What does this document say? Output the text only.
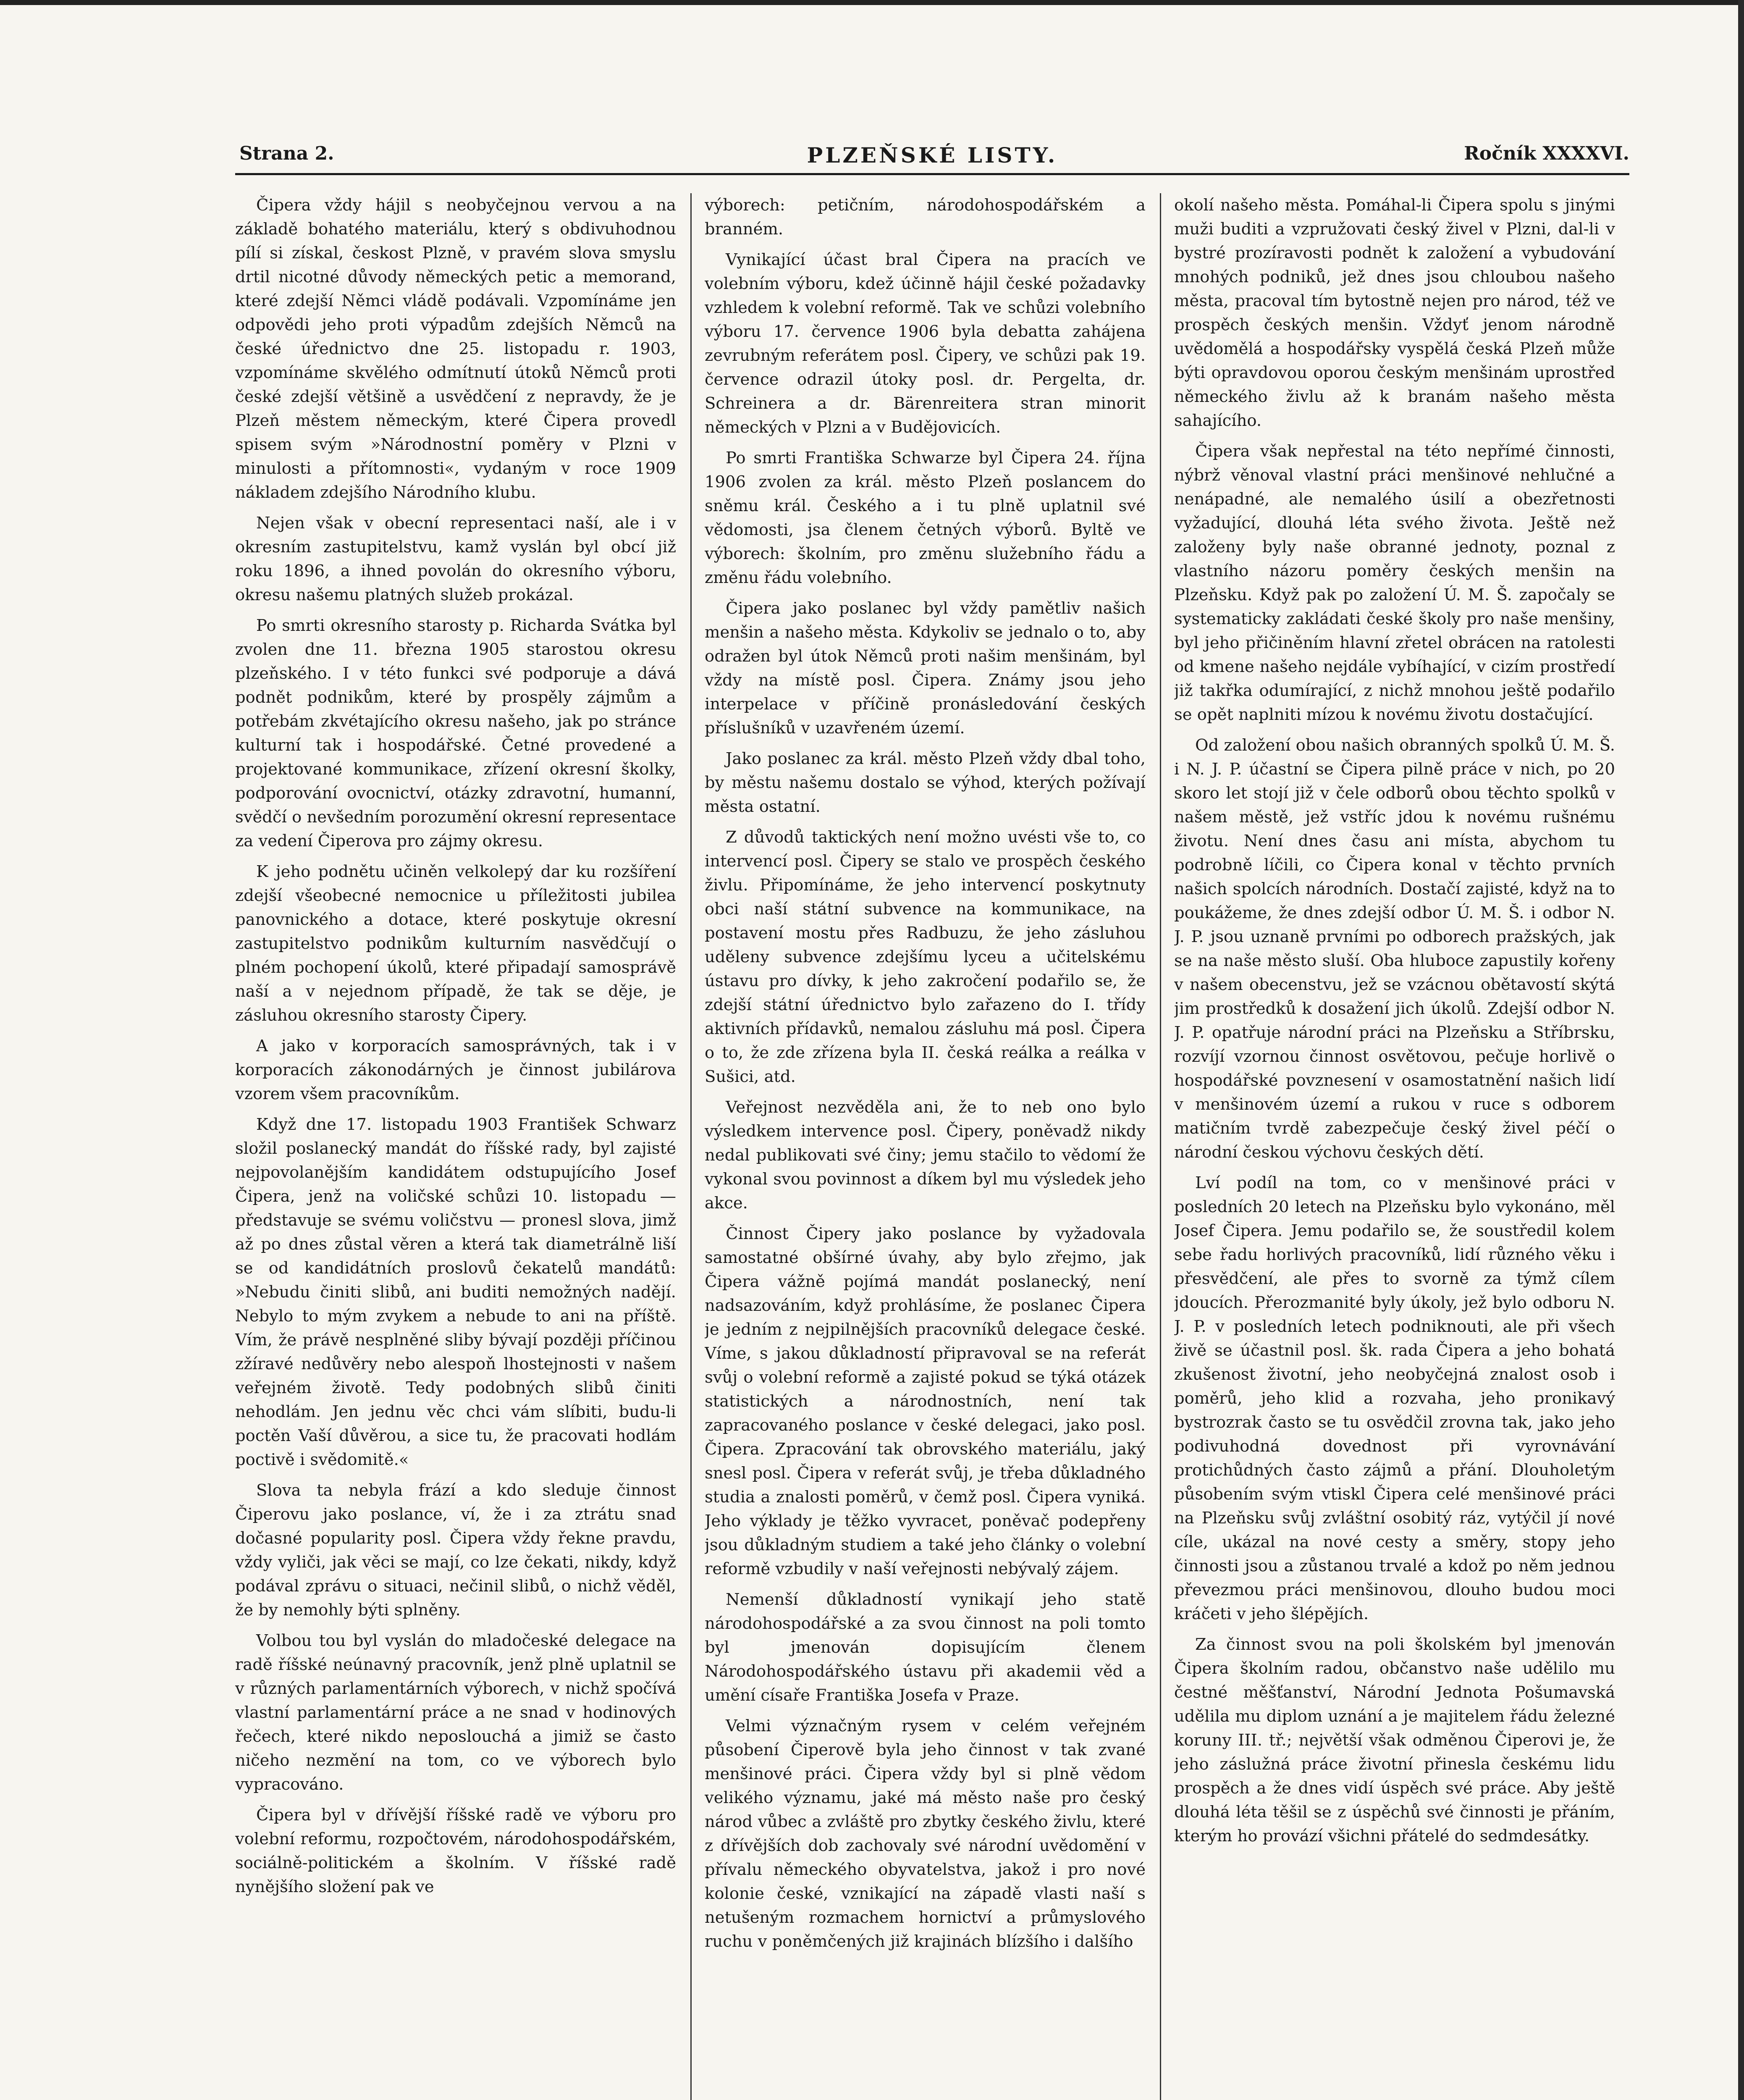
Strana 2.	PLZEŇSKÉ LISTY.	Ročník XXXXVI.

Čipera vždy hájil s neobyčejnou vervou a na základě bohatého materiálu, který s obdivuhodnou pílí si získal, českost Plzně, v pravém slova smyslu drtil nicotné důvody německých petic a memorand, které zdejší Němci vládě podávali. Vzpomínáme jen odpovědi jeho proti výpadům zdejších Němců na české úřednictvo dne 25. listopadu r. 1903, vzpomínáme skvělého odmítnutí útoků Němců proti české zdejší většině a usvědčení z nepravdy, že je Plzeň městem německým, které Čipera provedl spisem svým »Národnostní poměry v Plzni v minulosti a přítomnosti«, vydaným v roce 1909 nákladem zdejšího Národního klubu.

Nejen však v obecní representaci naší, ale i v okresním zastupitelstvu, kamž vyslán byl obcí již roku 1896, a ihned povolán do okresního výboru, okresu našemu platných služeb prokázal.

Po smrti okresního starosty p. Richarda Svátka byl zvolen dne 11. března 1905 starostou okresu plzeňského. I v této funkci své podporuje a dává podnět podnikům, které by prospěly zájmům a potřebám zkvétajícího okresu našeho, jak po stránce kulturní tak i hospodářské. Četné provedené a projektované kommunikace, zřízení okresní školky, podporování ovocnictví, otázky zdravotní, humanní, svědčí o nevšedním porozumění okresní representace za vedení Čiperova pro zájmy okresu.

K jeho podnětu učiněn velkolepý dar ku rozšíření zdejší všeobecné nemocnice u příležitosti jubilea panovnického a dotace, které poskytuje okresní zastupitelstvo podnikům kulturním nasvědčují o plném pochopení úkolů, které připadají samosprávě naší a v nejednom případě, že tak se děje, je zásluhou okresního starosty Čipery.

A jako v korporacích samosprávných, tak i v korporacích zákonodárných je činnost jubilárova vzorem všem pracovníkům.

Když dne 17. listopadu 1903 František Schwarz složil poslanecký mandát do říšské rady, byl zajisté nejpovolanějším kandidátem odstupujícího Josef Čipera, jenž na voličské schůzi 10. listopadu — představuje se svému voličstvu — pronesl slova, jimž až po dnes zůstal věren a která tak diametrálně liší se od kandidátních proslovů čekatelů mandátů: »Nebudu činiti slibů, ani buditi nemožných nadějí. Nebylo to mým zvykem a nebude to ani na příště. Vím, že právě nesplněné sliby bývají později příčinou zžíravé nedůvěry nebo alespoň lhostejnosti v našem veřejném životě. Tedy podobných slibů činiti nehodlám. Jen jednu věc chci vám slíbiti, budu-li poctěn Vaší důvěrou, a sice tu, že pracovati hodlám poctivě i svědomitě.«

Slova ta nebyla frází a kdo sleduje činnost Čiperovu jako poslance, ví, že i za ztrátu snad dočasné popularity posl. Čipera vždy řekne pravdu, vždy vyliči, jak věci se mají, co lze čekati, nikdy, když podával zprávu o situaci, nečinil slibů, o nichž věděl, že by nemohly býti splněny.

Volbou tou byl vyslán do mladočeské delegace na radě říšské neúnavný pracovník, jenž plně uplatnil se v různých parlamentárních výborech, v nichž spočívá vlastní parlamentární práce a ne snad v hodinových řečech, které nikdo neposlouchá a jimiž se často ničeho nezmění na tom, co ve výborech bylo vypracováno.

Čipera byl v dřívější říšské radě ve výboru pro volební reformu, rozpočtovém, národohospodářském, sociálně-politickém a školním. V říšské radě nynějšího složení pak ve

výborech: petičním, národohospodářském a branném.

Vynikající účast bral Čipera na pracích ve volebním výboru, kdež účinně hájil české požadavky vzhledem k volební reformě. Tak ve schůzi volebního výboru 17. července 1906 byla debatta zahájena zevrubným referátem posl. Čipery, ve schůzi pak 19. července odrazil útoky posl. dr. Pergelta, dr. Schreinera a dr. Bärenreitera stran minorit německých v Plzni a v Budějovicích.

Po smrti Františka Schwarze byl Čipera 24. října 1906 zvolen za král. město Plzeň poslancem do sněmu král. Českého a i tu plně uplatnil své vědomosti, jsa členem četných výborů. Byltě ve výborech: školním, pro změnu služebního řádu a změnu řádu volebního.

Čipera jako poslanec byl vždy pamětliv našich menšin a našeho města. Kdykoliv se jednalo o to, aby odražen byl útok Němců proti našim menšinám, byl vždy na místě posl. Čipera. Známy jsou jeho interpelace v příčině pronásledování českých příslušníků v uzavřeném území.

Jako poslanec za král. město Plzeň vždy dbal toho, by městu našemu dostalo se výhod, kterých požívají města ostatní.

Z důvodů taktických není možno uvésti vše to, co intervencí posl. Čipery se stalo ve prospěch českého živlu. Připomínáme, že jeho intervencí poskytnuty obci naší státní subvence na kommunikace, na postavení mostu přes Radbuzu, že jeho zásluhou uděleny subvence zdejšímu lyceu a učitelskému ústavu pro dívky, k jeho zakročení podařilo se, že zdejší státní úřednictvo bylo zařazeno do I. třídy aktivních přídavků, nemalou zásluhu má posl. Čipera o to, že zde zřízena byla II. česká reálka a reálka v Sušici, atd.

Veřejnost nezvěděla ani, že to neb ono bylo výsledkem intervence posl. Čipery, poněvadž nikdy nedal publikovati své činy; jemu stačilo to vědomí že vykonal svou povinnost a díkem byl mu výsledek jeho akce.

Činnost Čipery jako poslance by vyžadovala samostatné obšírné úvahy, aby bylo zřejmo, jak Čipera vážně pojímá mandát poslanecký, není nadsazováním, když prohlásíme, že poslanec Čipera je jedním z nejpilnějších pracovníků delegace české. Víme, s jakou důkladností připravoval se na referát svůj o volební reformě a zajisté pokud se týká otázek statistických a národnostních, není tak zapracovaného poslance v české delegaci, jako posl. Čipera. Zpracování tak obrovského materiálu, jaký snesl posl. Čipera v referát svůj, je třeba důkladného studia a znalosti poměrů, v čemž posl. Čipera vyniká. Jeho výklady je těžko vyvracet, poněvač podepřeny jsou důkladným studiem a také jeho články o volební reformě vzbudily v naší veřejnosti nebývalý zájem.

Nemenší důkladností vynikají jeho statě národohospodářské a za svou činnost na poli tomto byl jmenován dopisujícím členem Národohospodářského ústavu při akademii věd a umění císaře Františka Josefa v Praze.

Velmi význačným rysem v celém veřejném působení Čiperově byla jeho činnost v tak zvané menšinové práci. Čipera vždy byl si plně vědom velikého významu, jaké má město naše pro český národ vůbec a zvláště pro zbytky českého živlu, které z dřívějších dob zachovaly své národní uvědomění v přívalu německého obyvatelstva, jakož i pro nové kolonie české, vznikající na západě vlasti naší s netušeným rozmachem hornictví a průmyslového ruchu v poněmčených již krajinách blízšího i dalšího

okolí našeho města. Pomáhal-li Čipera spolu s jinými muži buditi a vzpružovati český živel v Plzni, dal-li v bystré prozíravosti podnět k založení a vybudování mnohých podniků, jež dnes jsou chloubou našeho města, pracoval tím bytostně nejen pro národ, též ve prospěch českých menšin. Vždyť jenom národně uvědomělá a hospodářsky vyspělá česká Plzeň může býti opravdovou oporou českým menšinám uprostřed německého živlu až k branám našeho města sahajícího.

Čipera však nepřestal na této nepřímé činnosti, nýbrž věnoval vlastní práci menšinové nehlučné a nenápadné, ale nemalého úsilí a obezřetnosti vyžadující, dlouhá léta svého života. Ještě než založeny byly naše obranné jednoty, poznal z vlastního názoru poměry českých menšin na Plzeňsku. Když pak po založení Ú. M. Š. započaly se systematicky zakládati české školy pro naše menšiny, byl jeho přičiněním hlavní zřetel obrácen na ratolesti od kmene našeho nejdále vybíhající, v cizím prostředí již takřka odumírající, z nichž mnohou ještě podařilo se opět naplniti mízou k novému životu dostačující.

Od založení obou našich obranných spolků Ú. M. Š. i N. J. P. účastní se Čipera pilně práce v nich, po 20 skoro let stojí již v čele odborů obou těchto spolků v našem městě, jež vstříc jdou k novému rušnému životu. Není dnes času ani místa, abychom tu podrobně líčili, co Čipera konal v těchto prvních našich spolcích národních. Dostačí zajisté, když na to poukážeme, že dnes zdejší odbor Ú. M. Š. i odbor N. J. P. jsou uznaně prvními po odborech pražských, jak se na naše město sluší. Oba hluboce zapustily kořeny v našem obecenstvu, jež se vzácnou obětavostí skýtá jim prostředků k dosažení jich úkolů. Zdejší odbor N. J. P. opatřuje národní práci na Plzeňsku a Stříbrsku, rozvíjí vzornou činnost osvětovou, pečuje horlivě o hospodářské povznesení v osamostatnění našich lidí v menšinovém území a rukou v ruce s odborem matičním tvrdě zabezpečuje český živel péčí o národní českou výchovu českých dětí.

Lví podíl na tom, co v menšinové práci v posledních 20 letech na Plzeňsku bylo vykonáno, měl Josef Čipera. Jemu podařilo se, že soustředil kolem sebe řadu horlivých pracovníků, lidí různého věku i přesvědčení, ale přes to svorně za týmž cílem jdoucích. Přerozmanité byly úkoly, jež bylo odboru N. J. P. v posledních letech podniknouti, ale při všech živě se účastnil posl. šk. rada Čipera a jeho bohatá zkušenost životní, jeho neobyčejná znalost osob i poměrů, jeho klid a rozvaha, jeho pronikavý bystrozrak často se tu osvědčil zrovna tak, jako jeho podivuhodná dovednost při vyrovnávání protichůdných často zájmů a přání. Dlouholetým působením svým vtiskl Čipera celé menšinové práci na Plzeňsku svůj zvláštní osobitý ráz, vytýčil jí nové cíle, ukázal na nové cesty a směry, stopy jeho činnosti jsou a zůstanou trvalé a kdož po něm jednou převezmou práci menšinovou, dlouho budou moci kráčeti v jeho šlépějích.

Za činnost svou na poli školském byl jmenován Čipera školním radou, občanstvo naše udělilo mu čestné měšťanství, Národní Jednota Pošumavská udělila mu diplom uznání a je majitelem řádu železné koruny III. tř.; největší však odměnou Čiperovi je, že jeho záslužná práce životní přinesla českému lidu prospěch a že dnes vidí úspěch své práce. Aby ještě dlouhá léta těšil se z úspěchů své činnosti je přáním, kterým ho provází všichni přátelé do sedmdesátky.
